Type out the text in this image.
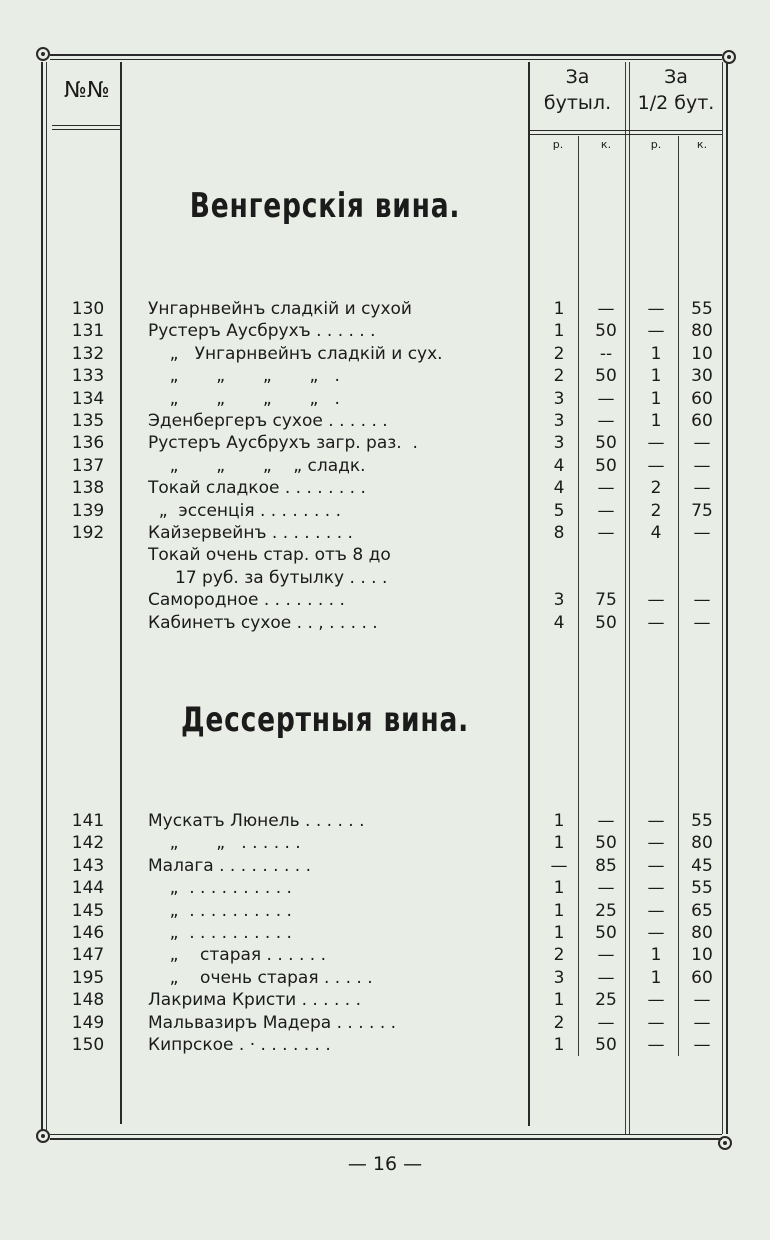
№№
За
бутыл.
За
1/2 бут.
р.	к.	р.	к.
Венгерскія вина.
130	Унгарнвейнъ сладкій и сухой	1	—	—	55
131	Рустеръ Аусбрухъ . . . . . .	1	50	—	80
132	„   Унгарнвейнъ сладкій и сух.	2	--	1	10
133	„       „       „       „   .	2	50	1	30
134	„       „       „       „   .	3	—	1	60
135	Эденбергеръ сухое . . . . . .	3	—	1	60
136	Рустеръ Аусбрухъ загр. раз.  .	3	50	—	—
137	„       „       „    „ сладк.	4	50	—	—
138	Токай сладкое . . . . . . . .	4	—	2	—
139	„  эссенція . . . . . . . .	5	—	2	75
192	Кайзервейнъ . . . . . . . .	8	—	4	—
Токай очень стар. отъ 8 до
17 руб. за бутылку . . . .
Самородное . . . . . . . .	3	75	—	—
Кабинетъ сухое . . , . . . . .	4	50	—	—
Дессертныя вина.
141	Мускатъ Люнель . . . . . .	1	—	—	55
142	„       „   . . . . . .	1	50	—	80
143	Малага . . . . . . . . .	—	85	—	45
144	„  . . . . . . . . . .	1	—	—	55
145	„  . . . . . . . . . .	1	25	—	65
146	„  . . . . . . . . . .	1	50	—	80
147	„    старая . . . . . .	2	—	1	10
195	„    очень старая . . . . .	3	—	1	60
148	Лакрима Кристи . . . . . .	1	25	—	—
149	Мальвазиръ Мадера . . . . . .	2	—	—	—
150	Кипрское . · . . . . . . .	1	50	—	—
— 16 —
